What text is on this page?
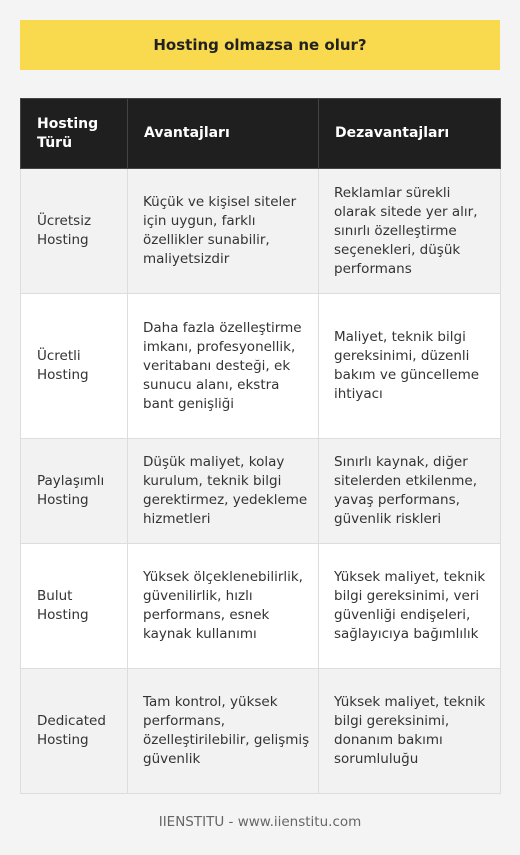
Hosting olmazsa ne olur?
Hosting Türü	Avantajları	Dezavantajları
Ücretsiz Hosting	Küçük ve kişisel siteler için uygun, farklı özellikler sunabilir, maliyetsizdir	Reklamlar sürekli olarak sitede yer alır, sınırlı özelleştirme seçenekleri, düşük performans
Ücretli Hosting	Daha fazla özelleştirme imkanı, profesyonellik, veritabanı desteği, ek sunucu alanı, ekstra bant genişliği	Maliyet, teknik bilgi gereksinimi, düzenli bakım ve güncelleme ihtiyacı
Paylaşımlı Hosting	Düşük maliyet, kolay kurulum, teknik bilgi gerektirmez, yedekleme hizmetleri	Sınırlı kaynak, diğer sitelerden etkilenme, yavaş performans, güvenlik riskleri
Bulut Hosting	Yüksek ölçeklenebilirlik, güvenilirlik, hızlı performans, esnek kaynak kullanımı	Yüksek maliyet, teknik bilgi gereksinimi, veri güvenliği endişeleri, sağlayıcıya bağımlılık
Dedicated Hosting	Tam kontrol, yüksek performans, özelleştirilebilir, gelişmiş güvenlik	Yüksek maliyet, teknik bilgi gereksinimi, donanım bakımı sorumluluğu
IIENSTITU - www.iienstitu.com
